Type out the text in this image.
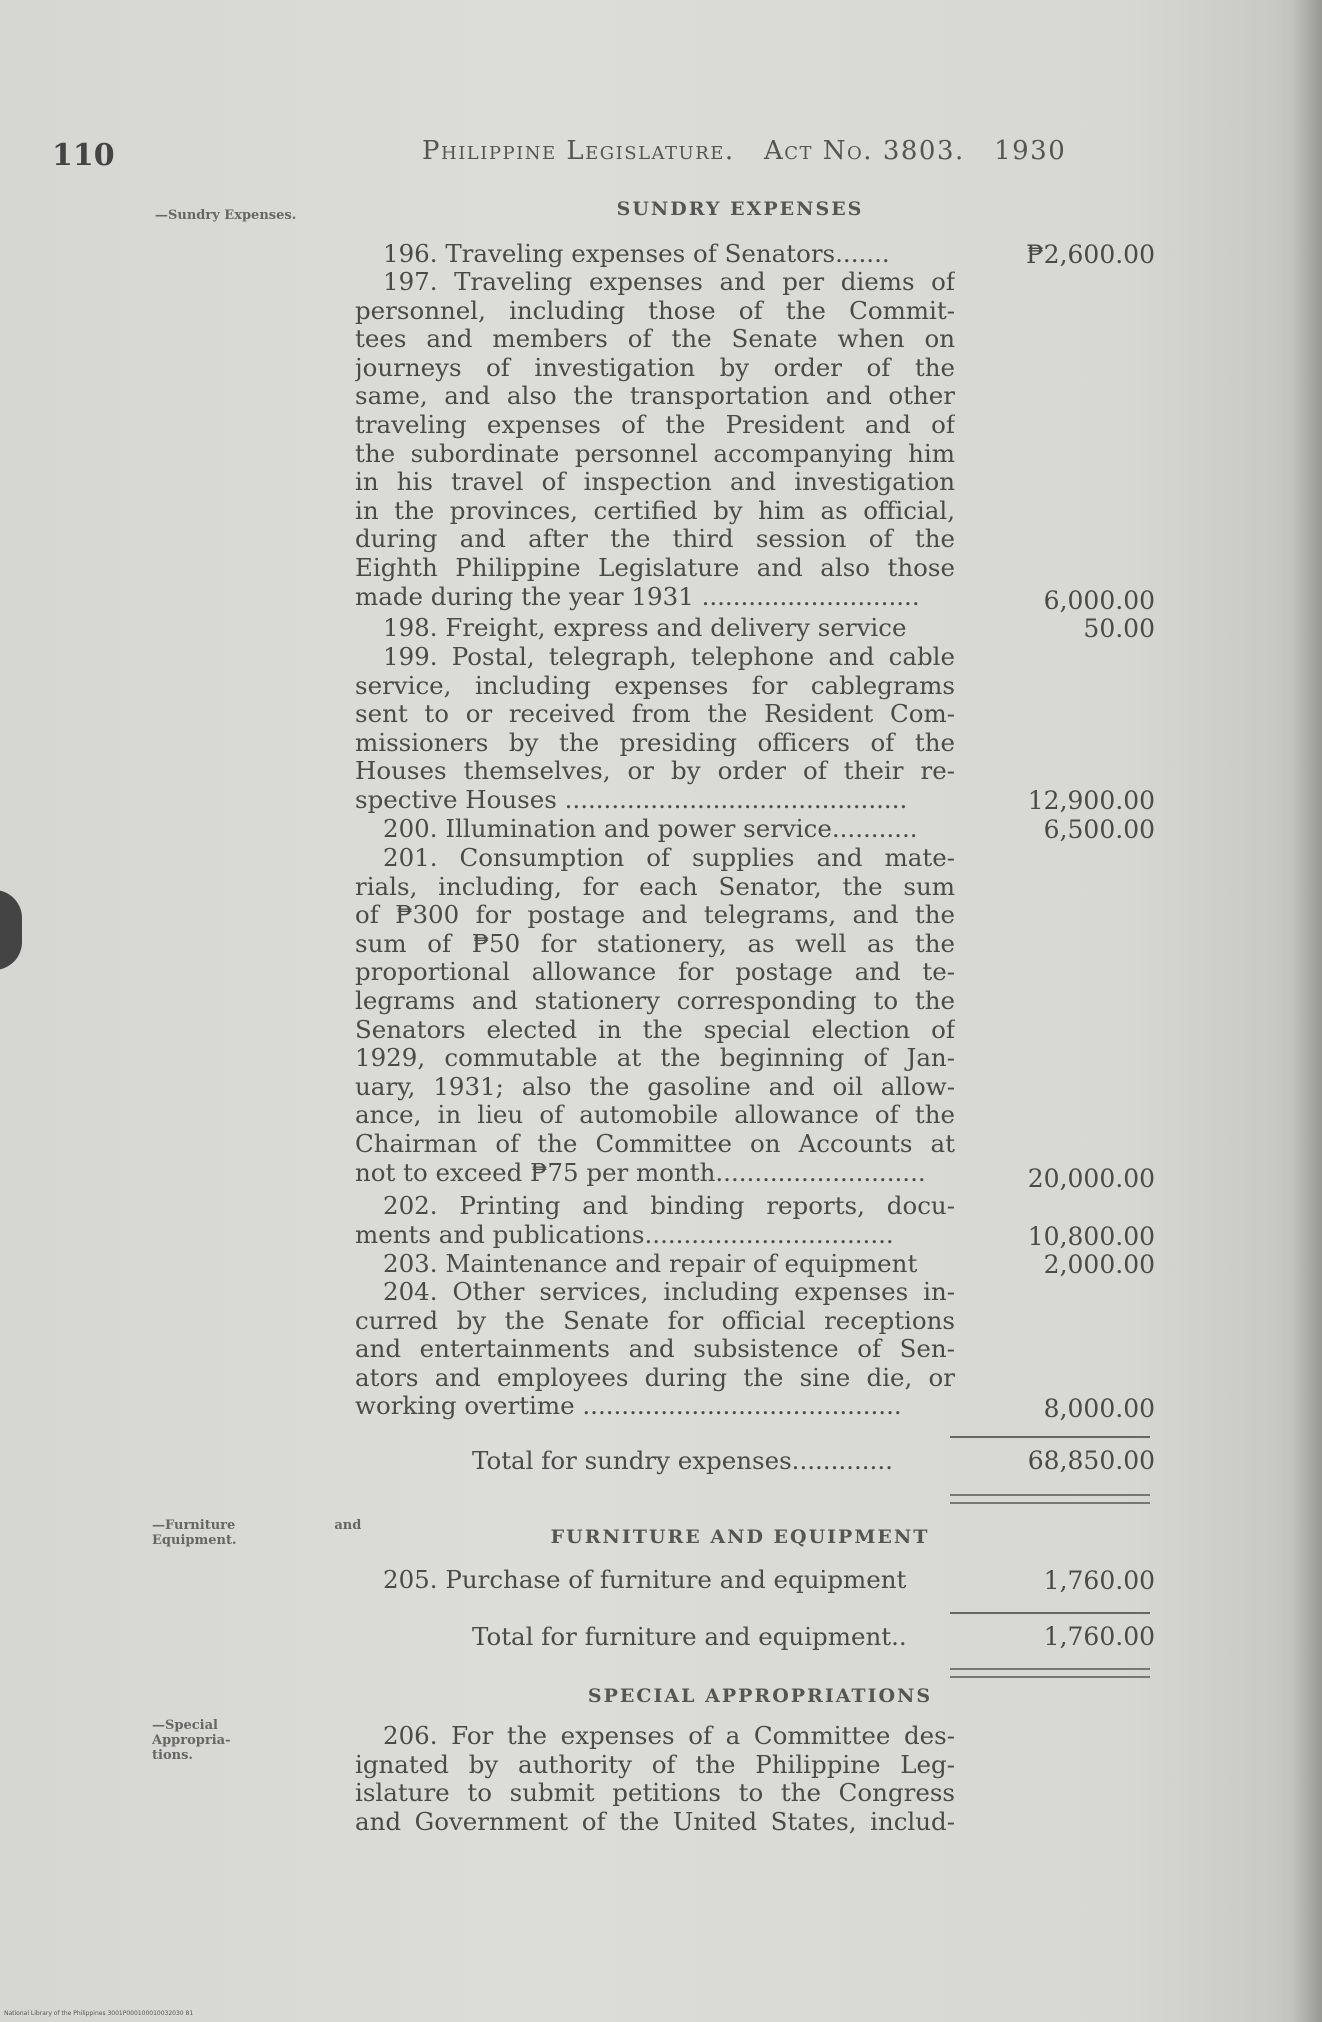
110	Philippine Legislature. Act No. 3803. 1930
—Sundry Expenses.
—Furniture	and
Equipment.
—Special Appropria-tions.
SUNDRY EXPENSES
196. Traveling expenses of Senators.......	₱2,600.00
197. Traveling expenses and per diems of
personnel, including those of the Commit-
tees and members of the Senate when on
journeys of investigation by order of the
same, and also the transportation and other
traveling expenses of the President and of
the subordinate personnel accompanying him
in his travel of inspection and investigation
in the provinces, certified by him as official,
during and after the third session of the
Eighth Philippine Legislature and also those
made during the year 1931 ............................	6,000.00
198. Freight, express and delivery service	50.00
199. Postal, telegraph, telephone and cable
service, including expenses for cablegrams
sent to or received from the Resident Com-
missioners by the presiding officers of the
Houses themselves, or by order of their re-
spective Houses ............................................	12,900.00
200. Illumination and power service...........	6,500.00
201. Consumption of supplies and mate-
rials, including, for each Senator, the sum
of ₱300 for postage and telegrams, and the
sum of ₱50 for stationery, as well as the
proportional allowance for postage and te-
legrams and stationery corresponding to the
Senators elected in the special election of
1929, commutable at the beginning of Jan-
uary, 1931; also the gasoline and oil allow-
ance, in lieu of automobile allowance of the
Chairman of the Committee on Accounts at
not to exceed ₱75 per month...........................	20,000.00
202. Printing and binding reports, docu-
ments and publications................................	10,800.00
203. Maintenance and repair of equipment	2,000.00
204. Other services, including expenses in-
curred by the Senate for official receptions
and entertainments and subsistence of Sen-
ators and employees during the sine die, or
working overtime .........................................	8,000.00
Total for sundry expenses.............	68,850.00
FURNITURE AND EQUIPMENT
205. Purchase of furniture and equipment	1,760.00
Total for furniture and equipment..	1,760.00
SPECIAL APPROPRIATIONS
206. For the expenses of a Committee des-
ignated by authority of the Philippine Leg-
islature to submit petitions to the Congress
and Government of the United States, includ-
National Library of the Philippines 3001P000100010032030 81
